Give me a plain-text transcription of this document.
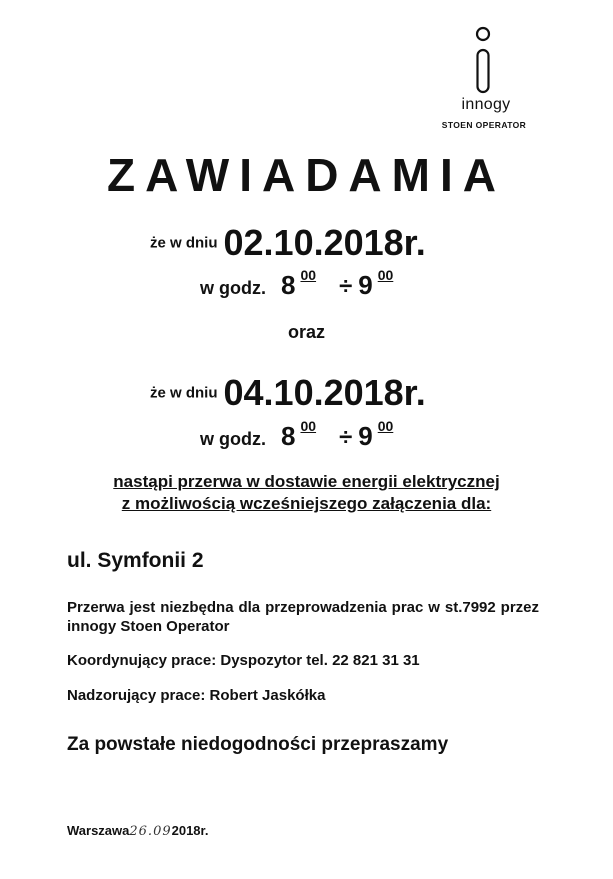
innogy
STOEN OPERATOR
ZAWIADAMIA
że w dniu 02.10.2018r.
w godz. 8 $^{00}$ ÷ 9 $^{00}$
oraz
że w dniu 04.10.2018r.
w godz. 8 $^{00}$ ÷ 9 $^{00}$
nastąpi przerwa w dostawie energii elektrycznej
z możliwością wcześniejszego załączenia dla:
ul. Symfonii 2
Przerwa jest niezbędna dla przeprowadzenia prac w st.7992 przez innogy Stoen Operator
Koordynujący prace: Dyspozytor tel. 22 821 31 31
Nadzorujący prace: Robert Jaskółka
Za powstałe niedogodności przepraszamy
Warszawa26.092018r.
